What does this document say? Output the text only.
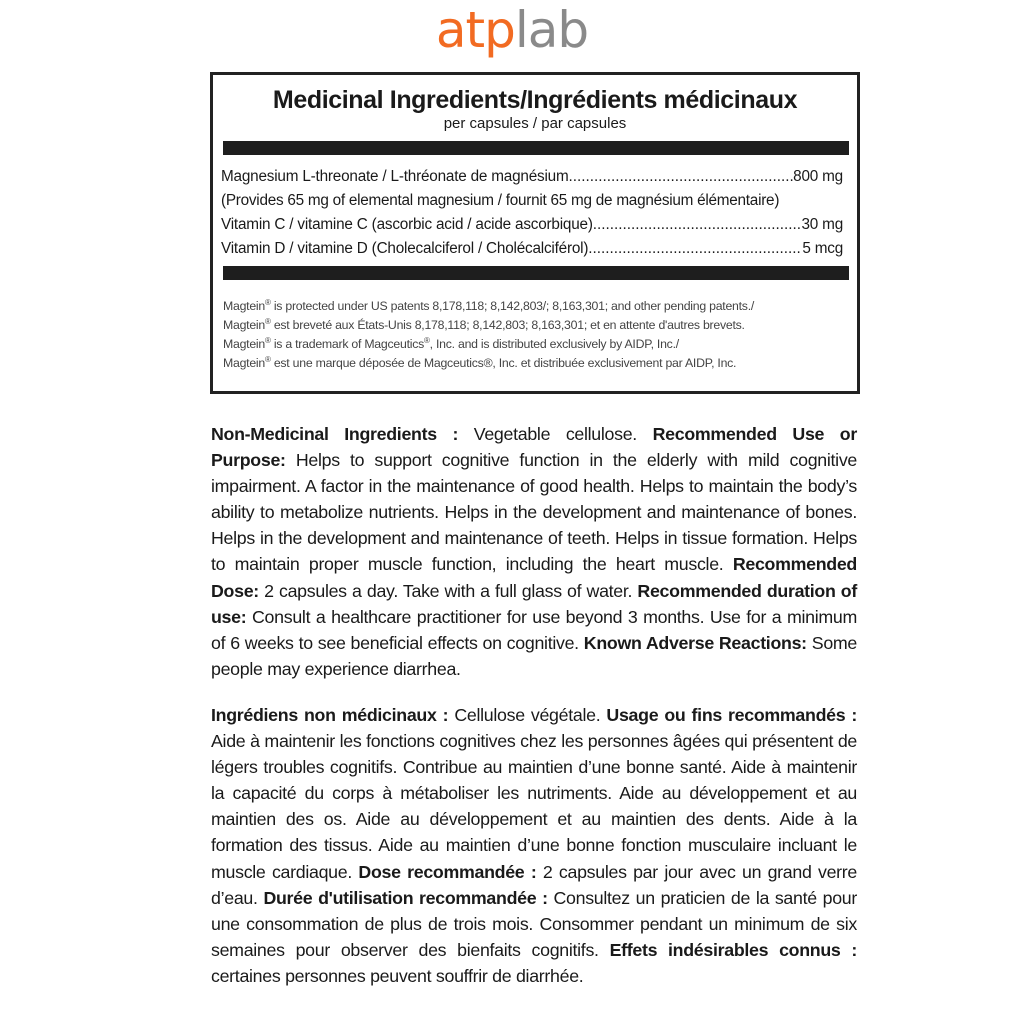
atplab
Medicinal Ingredients/Ingrédients médicinaux
per capsules / par capsules
Magnesium L-threonate / L-thréonate de magnésium .....	800 mg
(Provides 65 mg of elemental magnesium / fournit 65 mg de magnésium élémentaire)
Vitamin C / vitamine C (ascorbic acid / acide ascorbique) .....	30 mg
Vitamin D / vitamine D (Cholecalciferol / Cholécalciférol) .....	5 mcg
Magtein® is protected under US patents 8,178,118; 8,142,803/; 8,163,301; and other pending patents./
Magtein® est breveté aux États-Unis 8,178,118; 8,142,803; 8,163,301; et en attente d'autres brevets.
Magtein® is a trademark of Magceutics®, Inc. and is distributed exclusively by AIDP, Inc./
Magtein® est une marque déposée de Magceutics®, Inc. et distribuée exclusivement par AIDP, Inc.
Non-Medicinal Ingredients : Vegetable cellulose. Recommended Use or Purpose: Helps to support cognitive function in the elderly with mild cognitive impairment. A factor in the maintenance of good health. Helps to maintain the body’s ability to metabolize nutrients. Helps in the development and maintenance of bones. Helps in the development and maintenance of teeth. Helps in tissue formation. Helps to maintain proper muscle function, including the heart muscle. Recommended Dose: 2 capsules a day. Take with a full glass of water. Recommended duration of use: Consult a healthcare practitioner for use beyond 3 months. Use for a minimum of 6 weeks to see beneficial effects on cognitive. Known Adverse Reactions: Some people may experience diarrhea.
Ingrédiens non médicinaux : Cellulose végétale. Usage ou fins recommandés : Aide à maintenir les fonctions cognitives chez les personnes âgées qui présentent de légers troubles cognitifs. Contribue au maintien d’une bonne santé. Aide à maintenir la capacité du corps à métaboliser les nutriments. Aide au développement et au maintien des os. Aide au développement et au maintien des dents. Aide à la formation des tissus. Aide au maintien d’une bonne fonction musculaire incluant le muscle cardiaque. Dose recommandée : 2 capsules par jour avec un grand verre d’eau. Durée d'utilisation recommandée : Consultez un praticien de la santé pour une consommation de plus de trois mois. Consommer pendant un minimum de six semaines pour observer des bienfaits cognitifs. Effets indésirables connus : certaines personnes peuvent souffrir de diarrhée.
